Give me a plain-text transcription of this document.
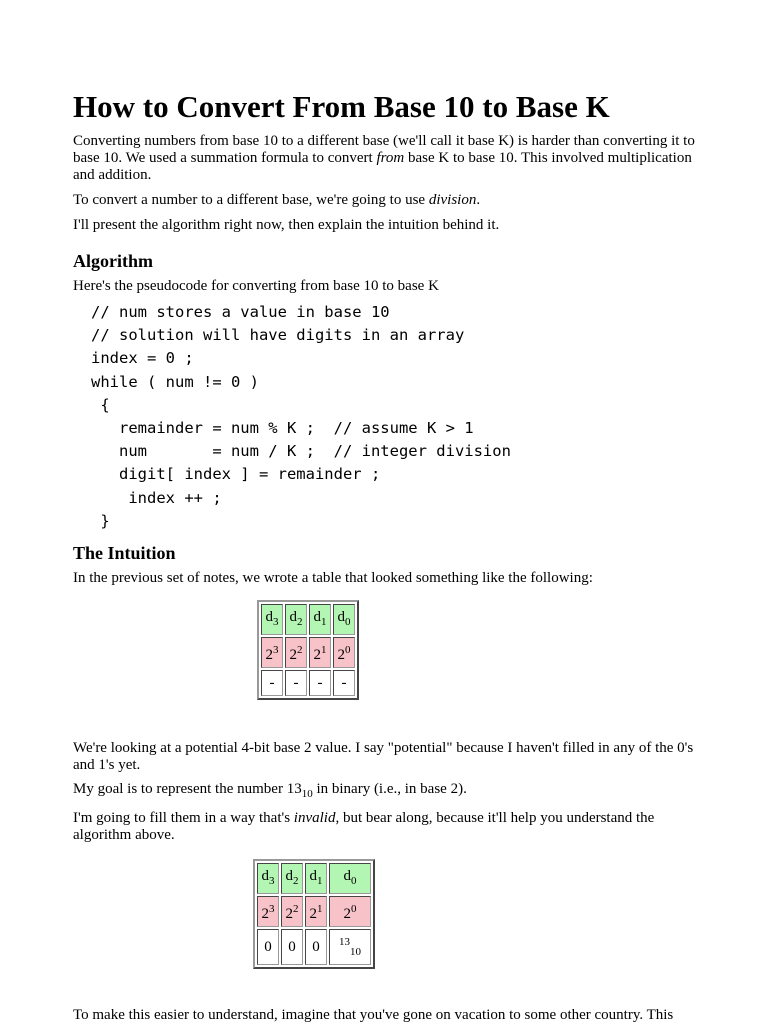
How to Convert From Base 10 to Base K

Converting numbers from base 10 to a different base (we'll call it base K) is harder than converting it to base 10. We used a summation formula to convert from base K to base 10. This involved multiplication and addition.

To convert a number to a different base, we're going to use division.

I'll present the algorithm right now, then explain the intuition behind it.

Algorithm

Here's the pseudocode for converting from base 10 to base K

// num stores a value in base 10
// solution will have digits in an array
index = 0 ;
while ( num != 0 )
{
remainder = num % K ;  // assume K > 1
num       = num / K ;  // integer division
digit[ index ] = remainder ;
index ++ ;
}
The Intuition

In the previous set of notes, we wrote a table that looked something like the following:

$d_3$	$d_2$	$d_1$	$d_0$
$2^3$	$2^2$	$2^1$	$2^0$
-	-	-	-

We're looking at a potential 4-bit base 2 value. I say "potential" because I haven't filled in any of the 0's and 1's yet.

My goal is to represent the number $13_{10}$ in binary (i.e., in base 2).

I'm going to fill them in a way that's invalid, but bear along, because it'll help you understand the algorithm above.

$d_3$	$d_2$	$d_1$	$d_0$
$2^3$	$2^2$	$2^1$	$2^0$
0	0	0	$^{13}_{10}$

To make this easier to understand, imagine that you've gone on vacation to some other country. This
